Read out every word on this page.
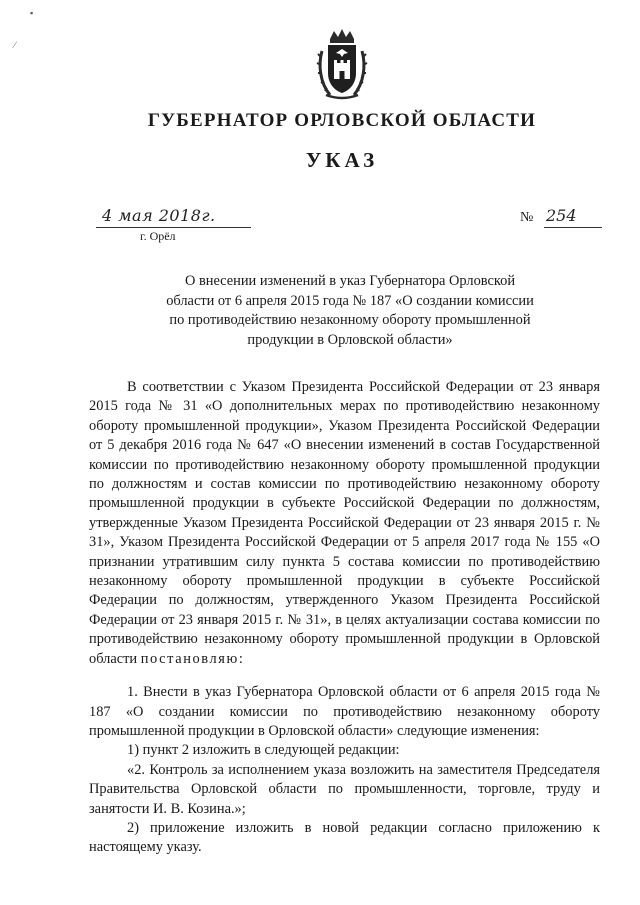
ГУБЕРНАТОР ОРЛОВСКОЙ ОБЛАСТИ
УКАЗ
4 мая 2018г.
г. Орёл
№ 254
О внесении изменений в указ Губернатора Орловской
области от 6 апреля 2015 года № 187 «О создании комиссии
по противодействию незаконному обороту промышленной
продукции в Орловской области»

В соответствии с Указом Президента Российской Федерации от 23 января 2015 года № 31 «О дополнительных мерах по противодействию незаконному обороту промышленной продукции», Указом Президента Российской Федерации от 5 декабря 2016 года № 647 «О внесении изменений в состав Государственной комиссии по противодействию незаконному обороту промышленной продукции по должностям и состав комиссии по противодействию незаконному обороту промышленной продукции в субъекте Российской Федерации по должностям, утвержденные Указом Президента Российской Федерации от 23 января 2015 г. № 31», Указом Президента Российской Федерации от 5 апреля 2017 года № 155 «О признании утратившим силу пункта 5 состава комиссии по противодействию незаконному обороту промышленной продукции в субъекте Российской Федерации по должностям, утвержденного Указом Президента Российской Федерации от 23 января 2015 г. № 31», в целях актуализации состава комиссии по противодействию незаконному обороту промышленной продукции в Орловской области постановляю:

1. Внести в указ Губернатора Орловской области от 6 апреля 2015 года № 187 «О создании комиссии по противодействию незаконному обороту промышленной продукции в Орловской области» следующие изменения:

1) пункт 2 изложить в следующей редакции:

«2. Контроль за исполнением указа возложить на заместителя Председателя Правительства Орловской области по промышленности, торговле, труду и занятости И. В. Козина.»;

2) приложение изложить в новой редакции согласно приложению к настоящему указу.

▪
⁄
